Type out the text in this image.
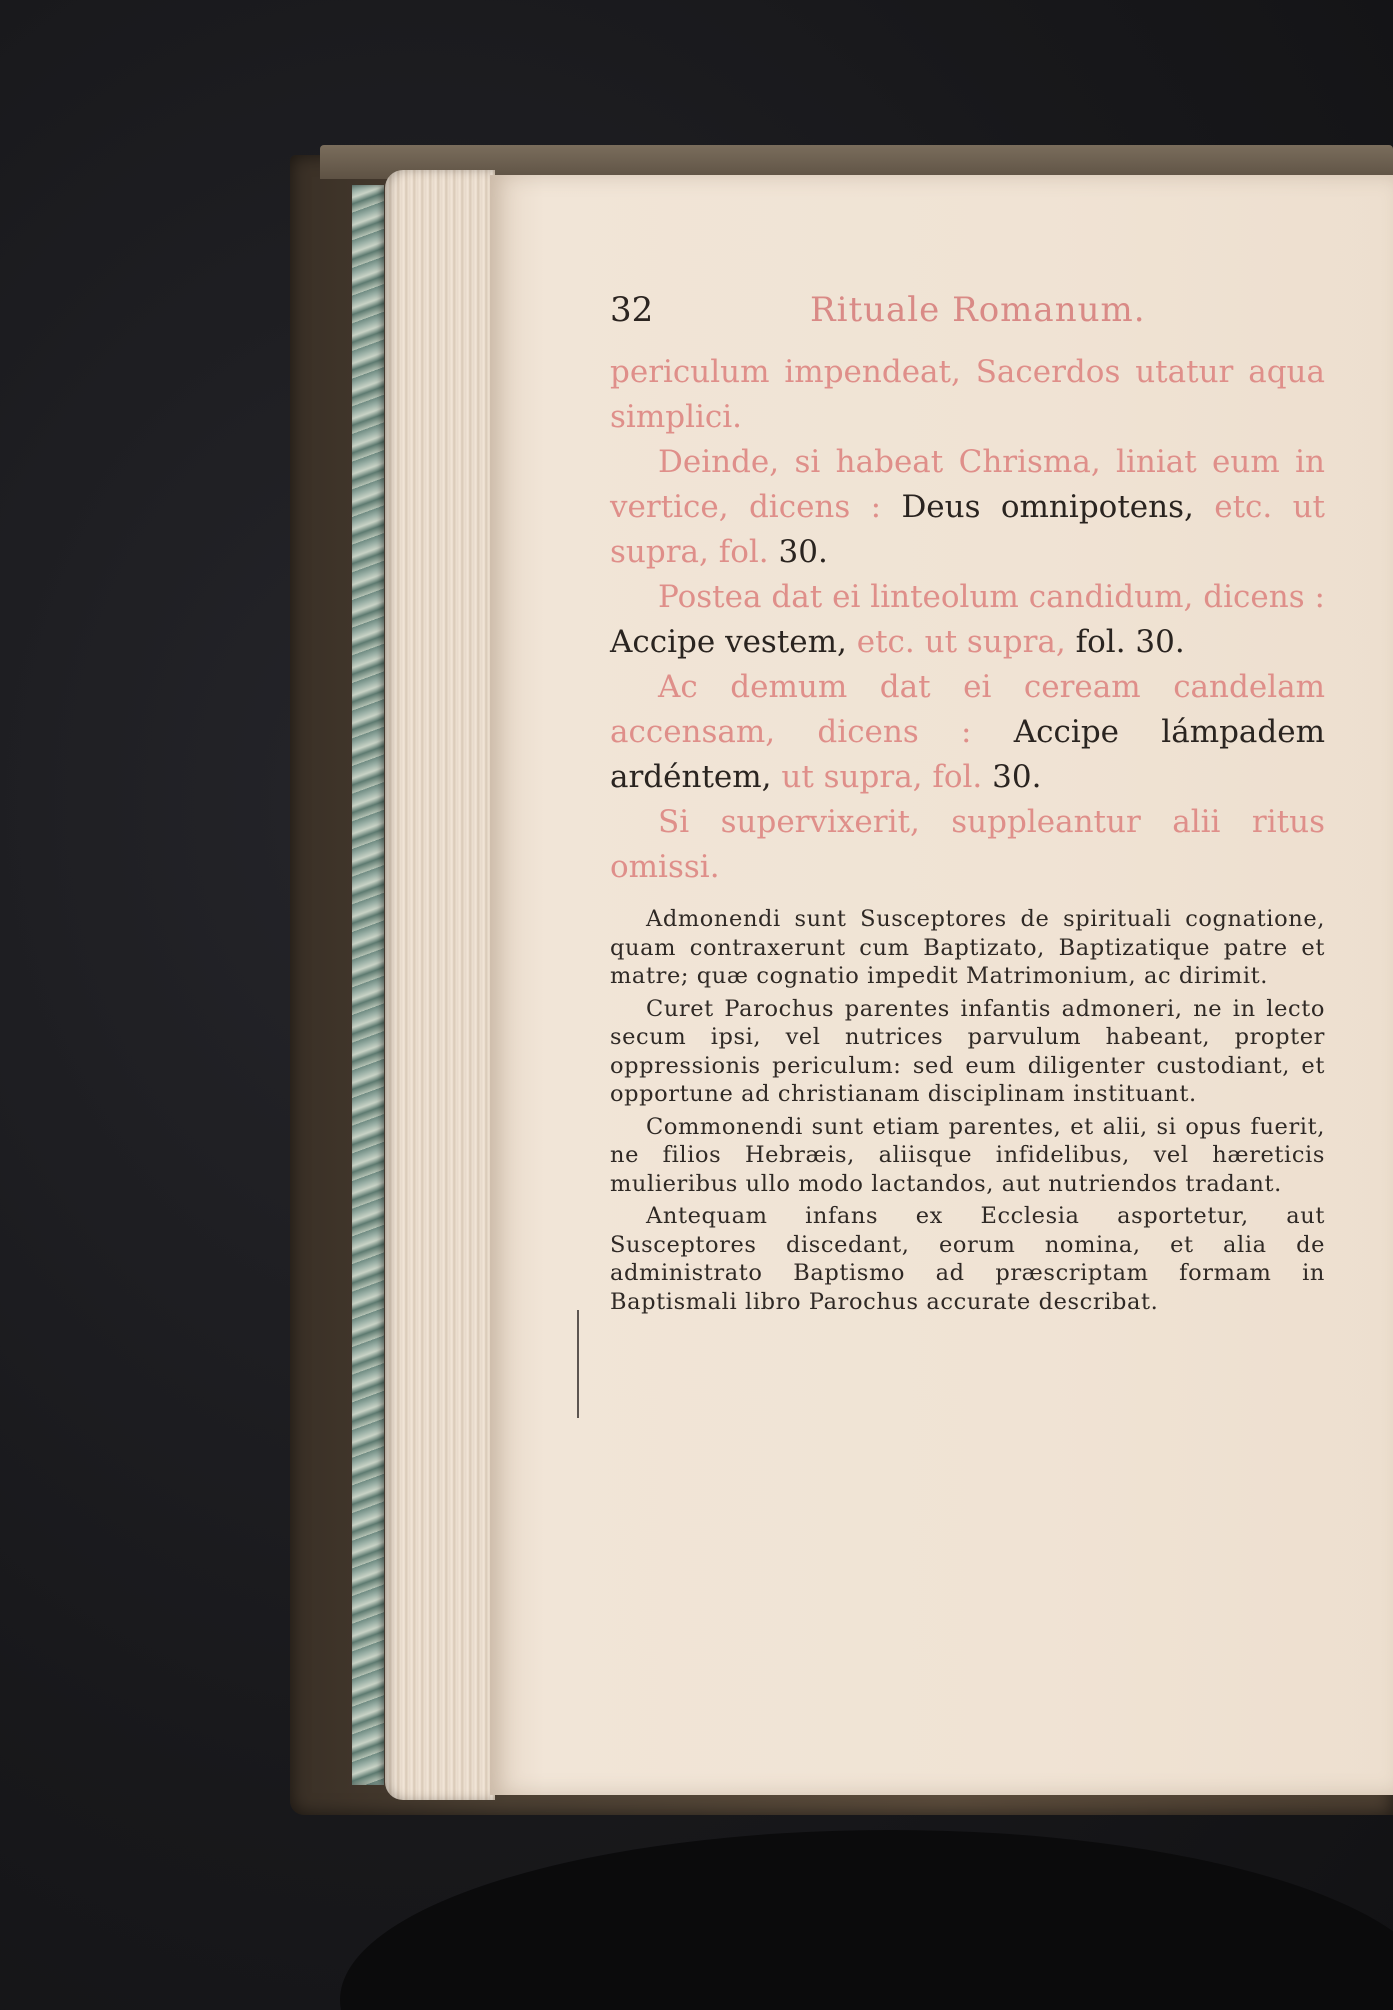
32	Rituale Romanum.

periculum impendeat, Sacerdos utatur aqua simplici.

Deinde, si habeat Chrisma, liniat eum in vertice, dicens : Deus omnipotens, etc. ut supra, fol. 30.

Postea dat ei linteolum candidum, dicens : Accipe vestem, etc. ut supra, fol. 30.

Ac demum dat ei ceream candelam accensam, dicens : Accipe lámpadem ardéntem, ut supra, fol. 30.

Si supervixerit, suppleantur alii ritus omissi.

Admonendi sunt Susceptores de spirituali cognatione, quam contraxerunt cum Baptizato, Baptizatique patre et matre; quæ cognatio impedit Matrimonium, ac dirimit.

Curet Parochus parentes infantis admoneri, ne in lecto secum ipsi, vel nutrices parvulum habeant, propter oppressionis periculum: sed eum diligenter custodiant, et opportune ad christianam disciplinam instituant.

Commonendi sunt etiam parentes, et alii, si opus fuerit, ne filios Hebræis, aliisque infidelibus, vel hæreticis mulieribus ullo modo lactandos, aut nutriendos tradant.

Antequam infans ex Ecclesia asportetur, aut Susceptores discedant, eorum nomina, et alia de administrato Baptismo ad præscriptam formam in Baptismali libro Parochus accurate describat.
